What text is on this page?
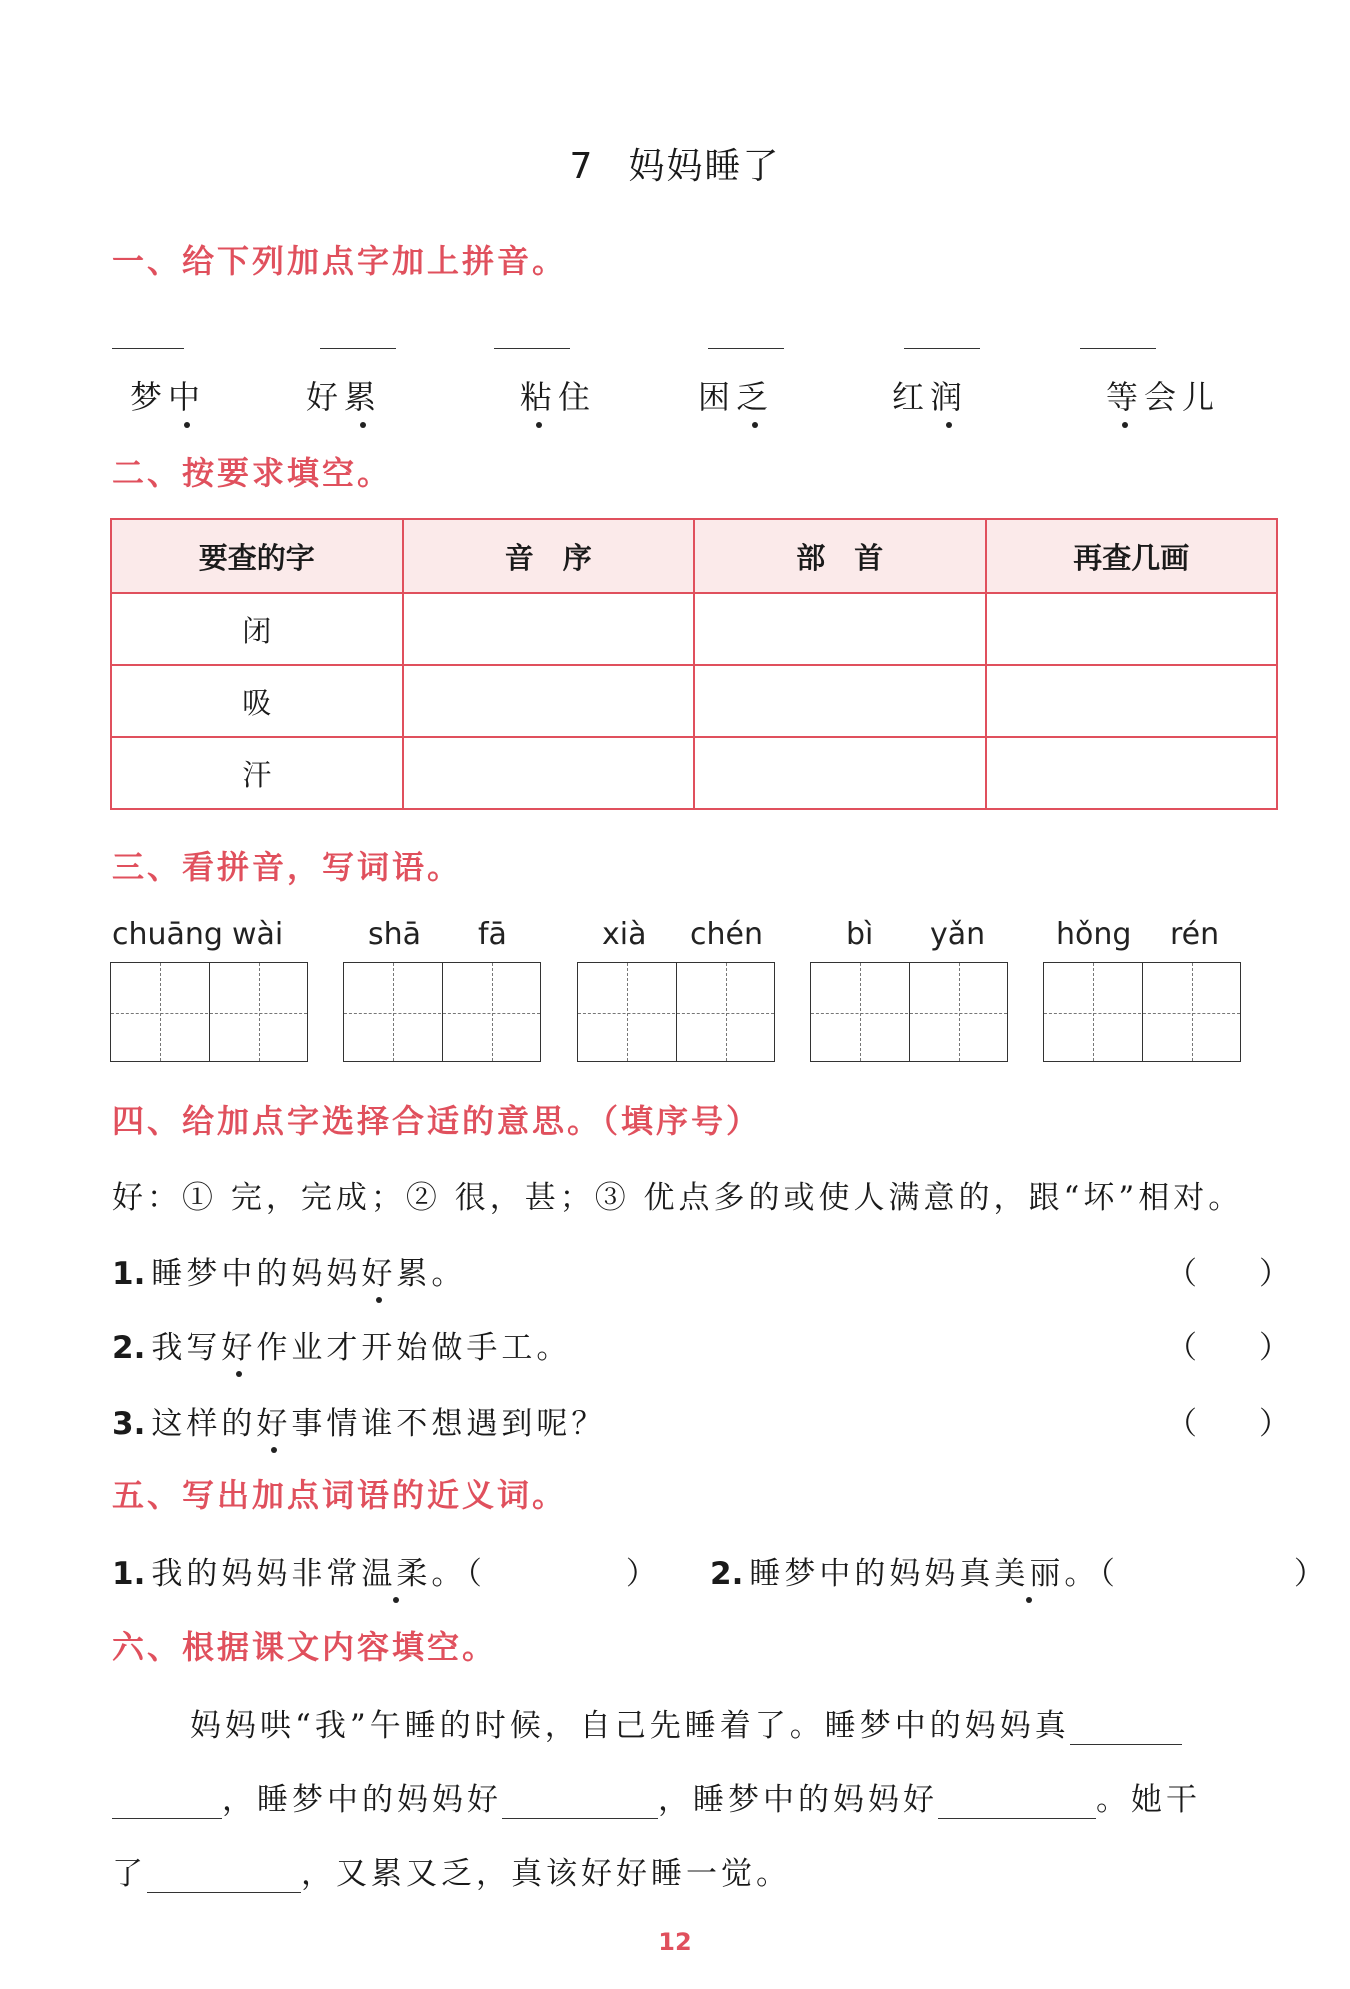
7 妈妈睡了
一、给下列加点字加上拼音。
梦中	好累	粘住	困乏	红润	等会儿
二、按要求填空。
要查的字	音　序	部　首	再查几画
闭			
吸			
汗			
三、看拼音，写词语。
chuāng wài	shā fā	xià chén	bì yǎn hǒng rén
四、给加点字选择合适的意思。（填序号）
好：① 完，完成；② 很，甚；③ 优点多的或使人满意的，跟“坏”相对。
1. 睡梦中的妈妈好累。	（　　）
2. 我写好作业才开始做手工。	（　　）
3. 这样的好事情谁不想遇到呢？	（　　）
五、写出加点词语的近义词。
1. 我的妈妈非常温柔。（　　　　） 2. 睡梦中的妈妈真美丽。（　　　　　）
六、根据课文内容填空。
妈妈哄“我”午睡的时候，自己先睡着了。睡梦中的妈妈真
，睡梦中的妈妈好	，睡梦中的妈妈好	。她干
了	，又累又乏，真该好好睡一觉。
12
